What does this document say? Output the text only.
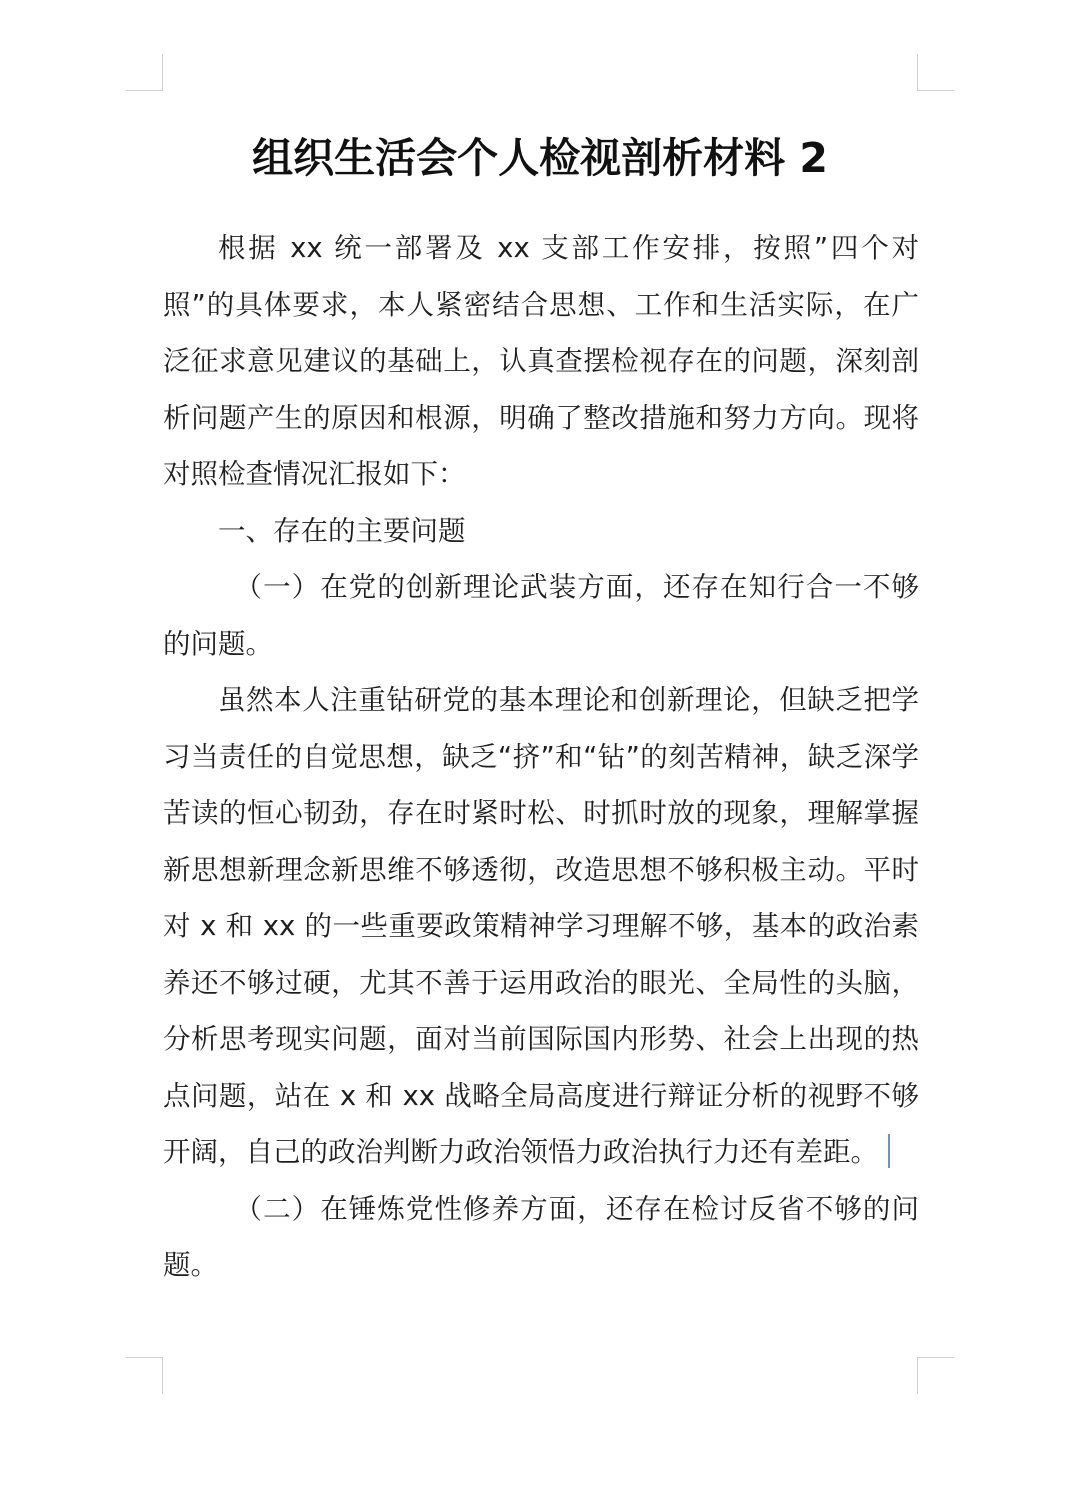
组织生活会个人检视剖析材料 2

根据 xx 统一部署及 xx 支部工作安排，按照”四个对照”的具体要求，本人紧密结合思想、工作和生活实际，在广泛征求意见建议的基础上，认真查摆检视存在的问题，深刻剖析问题产生的原因和根源，明确了整改措施和努力方向。现将对照检查情况汇报如下：

一、存在的主要问题

（一）在党的创新理论武装方面，还存在知行合一不够的问题。

虽然本人注重钻研党的基本理论和创新理论，但缺乏把学习当责任的自觉思想，缺乏“挤”和“钻”的刻苦精神，缺乏深学苦读的恒心韧劲，存在时紧时松、时抓时放的现象，理解掌握新思想新理念新思维不够透彻，改造思想不够积极主动。平时对 x 和 xx 的一些重要政策精神学习理解不够，基本的政治素养还不够过硬，尤其不善于运用政治的眼光、全局性的头脑，分析思考现实问题，面对当前国际国内形势、社会上出现的热点问题，站在 x 和 xx 战略全局高度进行辩证分析的视野不够开阔，自己的政治判断力政治领悟力政治执行力还有差距。

（二）在锤炼党性修养方面，还存在检讨反省不够的问题。
